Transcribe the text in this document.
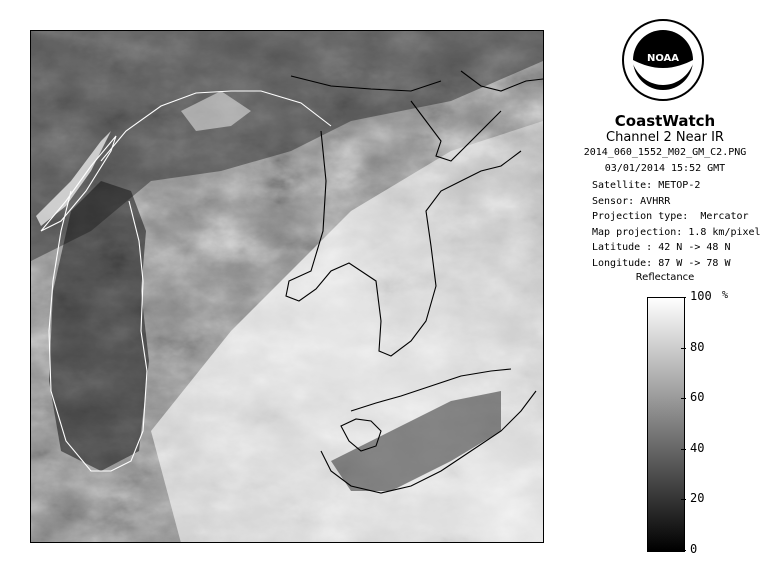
NOAA
CoastWatch
Channel 2 Near IR
2014_060_1552_M02_GM_C2.PNG
03/01/2014 15:52 GMT
Satellite: METOP-2
Sensor: AVHRR
Projection type:  Mercator
Map projection: 1.8 km/pixel
Latitude : 42 N -> 48 N
Longitude: 87 W -> 78 W
Reflectance
%
100
80
60
40
20
0
